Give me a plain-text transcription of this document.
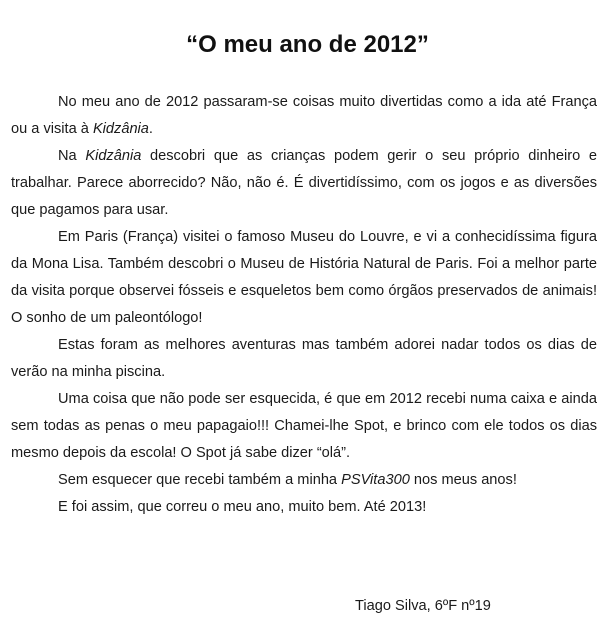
“O meu ano de 2012”

No meu ano de 2012 passaram-se coisas muito divertidas como a ida até França ou a visita à Kidzânia.

Na Kidzânia descobri que as crianças podem gerir o seu próprio dinheiro e trabalhar. Parece aborrecido? Não, não é. É divertidíssimo, com os jogos e as diversões que pagamos para usar.

Em Paris (França) visitei o famoso Museu do Louvre, e vi a conhecidíssima figura da Mona Lisa. Também descobri o Museu de História Natural de Paris. Foi a melhor parte da visita porque observei fósseis e esqueletos bem como órgãos preservados de animais! O sonho de um paleontólogo!

Estas foram as melhores aventuras mas também adorei nadar todos os dias de verão na minha piscina.

Uma coisa que não pode ser esquecida, é que em 2012 recebi numa caixa e ainda sem todas as penas o meu papagaio!!! Chamei-lhe Spot, e brinco com ele todos os dias mesmo depois da escola! O Spot já sabe dizer “olá”.

Sem esquecer que recebi também a minha PSVita300 nos meus anos!

E foi assim, que correu o meu ano, muito bem. Até 2013!

Tiago Silva, 6ºF nº19
